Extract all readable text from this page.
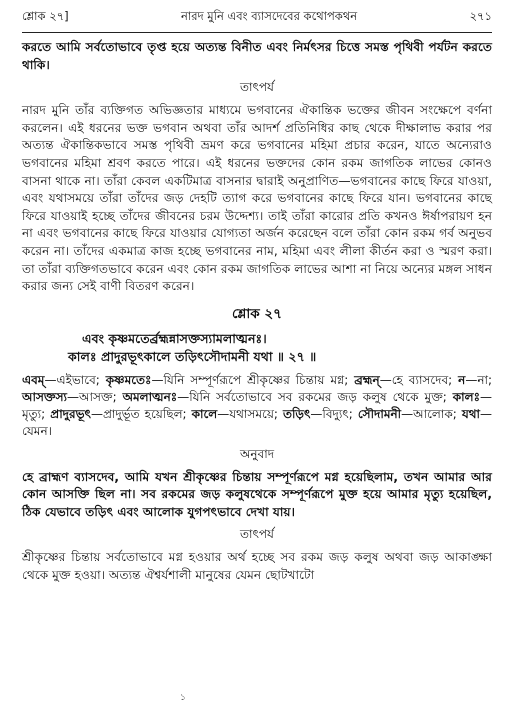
শ্লোক ২৭]	নারদ মুনি এবং ব্যাসদেবের কথোপকথন	২৭১

করতে আমি সর্বতোভাবে তৃপ্ত হয়ে অত্যন্ত বিনীত এবং নির্মৎসর চিত্তে সমস্ত পৃথিবী পর্যটন করতে থাকি।

তাৎপর্য

নারদ মুনি তাঁর ব্যক্তিগত অভিজ্ঞতার মাধ্যমে ভগবানের ঐকান্তিক ভক্তের জীবন সংক্ষেপে বর্ণনা করলেন। এই ধরনের ভক্ত ভগবান অথবা তাঁর আদর্শ প্রতিনিধির কাছ থেকে দীক্ষালাভ করার পর অত্যন্ত ঐকান্তিকভাবে সমস্ত পৃথিবী ভ্রমণ করে ভগবানের মহিমা প্রচার করেন, যাতে অন্যেরাও ভগবানের মহিমা শ্রবণ করতে পারে। এই ধরনের ভক্তদের কোন রকম জাগতিক লাভের কোনও বাসনা থাকে না। তাঁরা কেবল একটিমাত্র বাসনার দ্বারাই অনুপ্রাণিত—ভগবানের কাছে ফিরে যাওয়া, এবং যথাসময়ে তাঁরা তাঁদের জড় দেহটি ত্যাগ করে ভগবানের কাছে ফিরে যান। ভগবানের কাছে ফিরে যাওয়াই হচ্ছে তাঁদের জীবনের চরম উদ্দেশ্য। তাই তাঁরা কারোর প্রতি কখনও ঈর্ষাপরায়ণ হন না এবং ভগবানের কাছে ফিরে যাওয়ার যোগ্যতা অর্জন করেছেন বলে তাঁরা কোন রকম গর্ব অনুভব করেন না। তাঁদের একমাত্র কাজ হচ্ছে ভগবানের নাম, মহিমা এবং লীলা কীর্তন করা ও স্মরণ করা। তা তাঁরা ব্যক্তিগতভাবে করেন এবং কোন রকম জাগতিক লাভের আশা না নিয়ে অন্যের মঙ্গল সাধন করার জন্য সেই বাণী বিতরণ করেন।

শ্লোক ২৭
এবং কৃষ্ণমতের্ব্রহ্মন্নাসক্তস্যামলাত্মনঃ।
কালঃ প্রাদুরভূৎকালে তড়িৎসৌদামনী যথা ॥ ২৭ ॥

এবম্—এইভাবে; কৃষ্ণমতেঃ—যিনি সম্পূর্ণরূপে শ্রীকৃষ্ণের চিন্তায় মগ্ন; ব্রহ্মন্—হে ব্যাসদেব; ন—না; আসক্তস্য—আসক্ত; অমলাত্মনঃ—যিনি সর্বতোভাবে সব রকমের জড় কলুষ থেকে মুক্ত; কালঃ—মৃত্যু; প্রাদুরভূৎ—প্রাদুর্ভূত হয়েছিল; কালে—যথাসময়ে; তড়িৎ—বিদ্যুৎ; সৌদামনী—আলোক; যথা—যেমন।

অনুবাদ

হে ব্রাহ্মণ ব্যাসদেব, আমি যখন শ্রীকৃষ্ণের চিন্তায় সম্পূর্ণরূপে মগ্ন হয়েছিলাম, তখন আমার আর কোন আসক্তি ছিল না। সব রকমের জড় কলুষথেকে সম্পূর্ণরূপে মুক্ত হয়ে আমার মৃত্যু হয়েছিল, ঠিক যেভাবে তড়িৎ এবং আলোক যুগপৎভাবে দেখা যায়।

তাৎপর্য

শ্রীকৃষ্ণের চিন্তায় সর্বতোভাবে মগ্ন হওয়ার অর্থ হচ্ছে সব রকম জড় কলুষ অথবা জড় আকাঙ্ক্ষা থেকে মুক্ত হওয়া। অত্যন্ত ঐশ্বর্যশালী মানুষের যেমন ছোটখাটো

১
